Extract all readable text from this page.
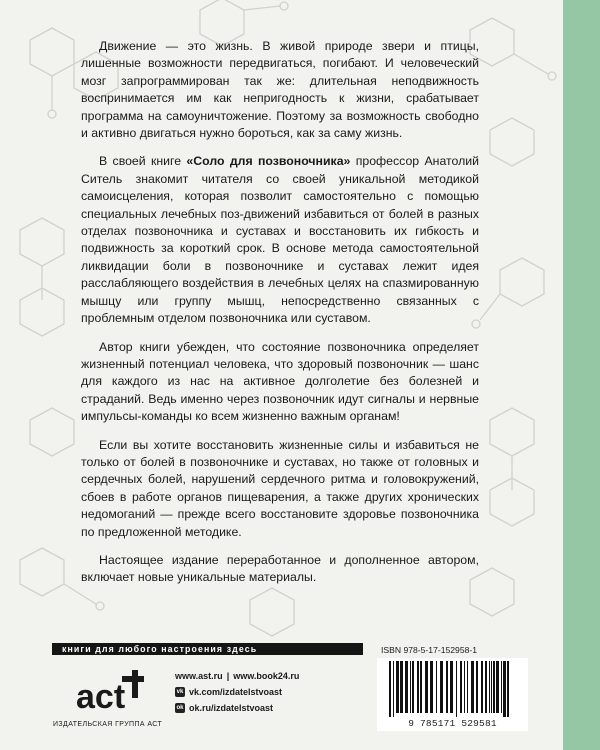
Движение — это жизнь. В живой природе звери и птицы, лишенные возможности передвигаться, погибают. И человеческий мозг запрограммирован так же: длительная неподвижность воспринимается им как непригодность к жизни, срабатывает программа на самоуничтожение. Поэтому за возможность свободно и активно двигаться нужно бороться, как за саму жизнь.

В своей книге «Соло для позвоночника» профессор Анатолий Ситель знакомит читателя со своей уникальной методикой самоисцеления, которая позволит самостоятельно с помощью специальных лечебных поз-движений избавиться от болей в разных отделах позвоночника и суставах и восстановить их гибкость и подвижность за короткий срок. В основе метода самостоятельной ликвидации боли в позвоночнике и суставах лежит идея расслабляющего воздействия в лечебных целях на спазмированную мышцу или группу мышц, непосредственно связанных с проблемным отделом позвоночника или суставом.

Автор книги убежден, что состояние позвоночника определяет жизненный потенциал человека, что здоровый позвоночник — шанс для каждого из нас на активное долголетие без болезней и страданий. Ведь именно через позвоночник идут сигналы и нервные импульсы-команды ко всем жизненно важным органам!

Если вы хотите восстановить жизненные силы и избавиться не только от болей в позвоночнике и суставах, но также от головных и сердечных болей, нарушений сердечного ритма и головокружений, сбоев в работе органов пищеварения, а также других хронических недомоганий — прежде всего восстановите здоровье позвоночника по предложенной методике.

Настоящее издание переработанное и дополненное автором, включает новые уникальные материалы.

книги для любого настроения здесь
act
ИЗДАТЕЛЬСКАЯ ГРУППА АСТ
www.ast.ru | www.book24.ru
vk vk.com/izdatelstvoast
ok ok.ru/izdatelstvoast
ISBN 978-5-17-152958-1
9 785171 529581
